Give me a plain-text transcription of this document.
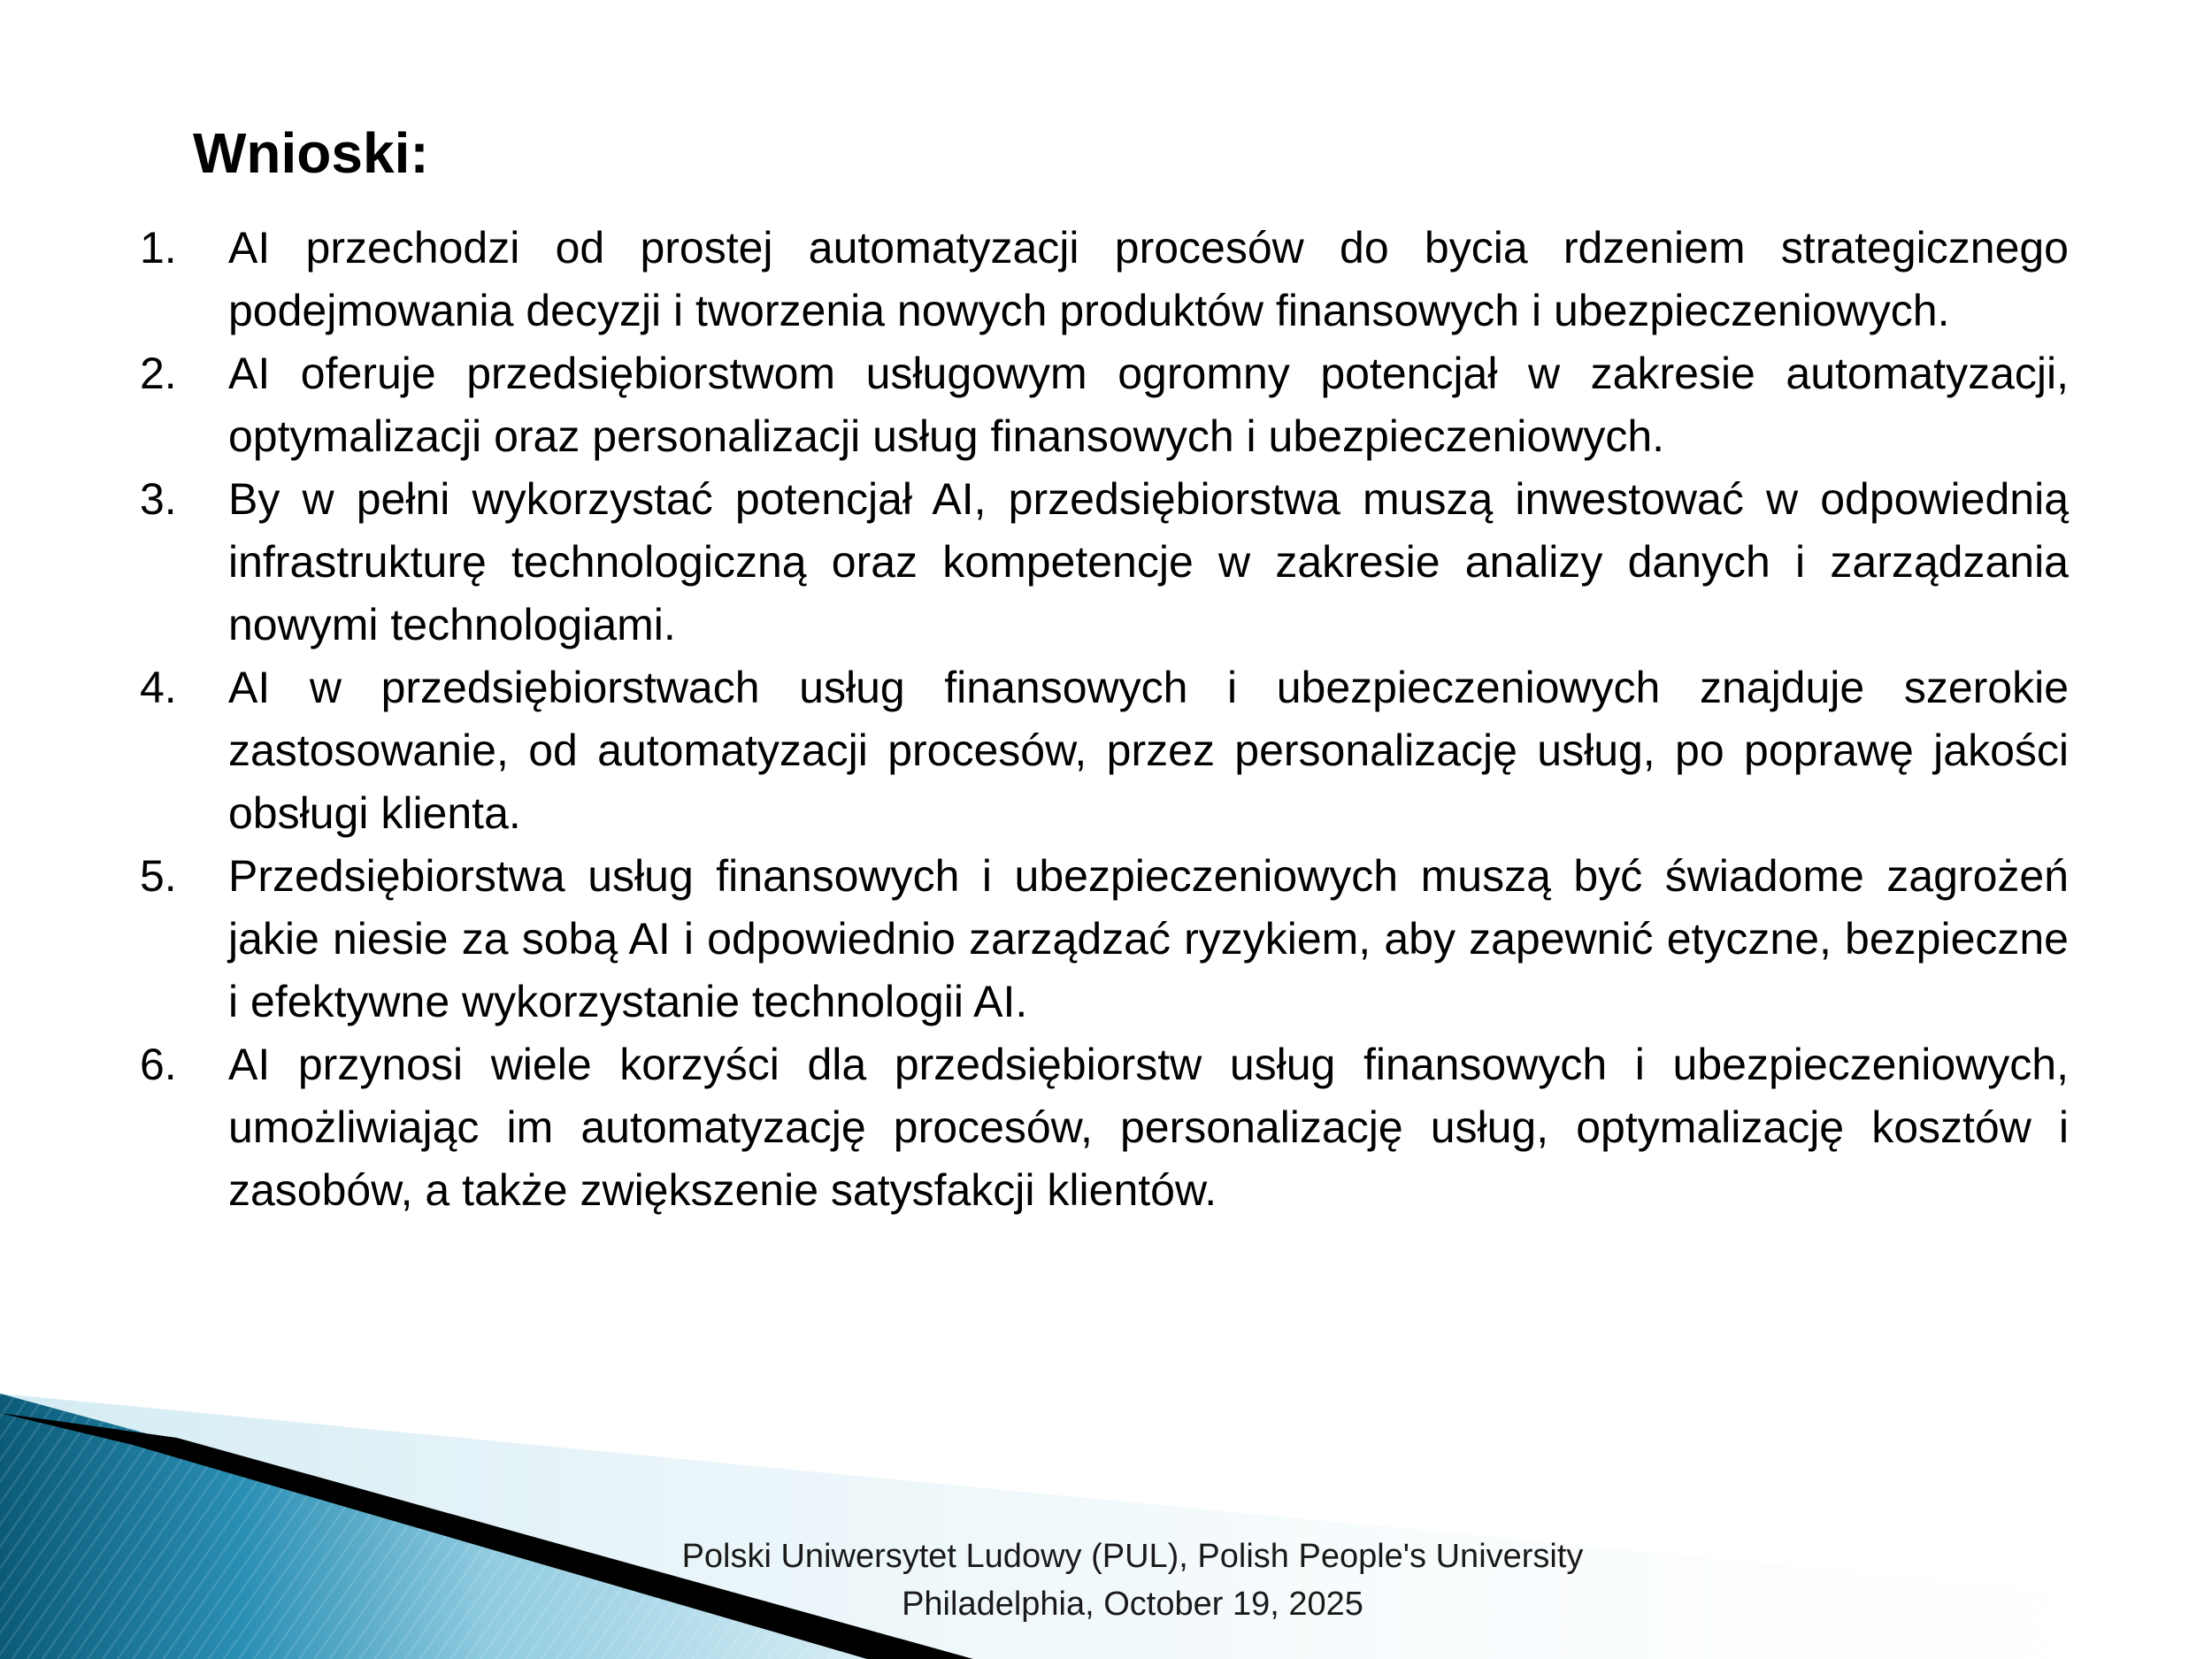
Wnioski:
1.	AI przechodzi od prostej automatyzacji procesów do bycia rdzeniem strategicznego podejmowania decyzji i tworzenia nowych produktów finansowych i ubezpieczeniowych.
2.	AI oferuje przedsiębiorstwom usługowym ogromny potencjał w zakresie automatyzacji, optymalizacji oraz personalizacji usług finansowych i ubezpieczeniowych.
3.	By w pełni wykorzystać potencjał AI, przedsiębiorstwa muszą inwestować w odpowiednią infrastrukturę technologiczną oraz kompetencje w zakresie analizy danych i zarządzania nowymi technologiami.
4.	AI w przedsiębiorstwach usług finansowych i ubezpieczeniowych znajduje szerokie zastosowanie, od automatyzacji procesów, przez personalizację usług, po poprawę jakości obsługi klienta.
5.	Przedsiębiorstwa usług finansowych i ubezpieczeniowych muszą być świadome zagrożeń jakie niesie za sobą AI i odpowiednio zarządzać ryzykiem, aby zapewnić etyczne, bezpieczne i efektywne wykorzystanie technologii AI.
6.	AI przynosi wiele korzyści dla przedsiębiorstw usług finansowych i ubezpieczeniowych, umożliwiając im automatyzację procesów, personalizację usług, optymalizację kosztów i zasobów, a także zwiększenie satysfakcji klientów.
Polski Uniwersytet Ludowy (PUL), Polish People's University
Philadelphia, October 19, 2025
